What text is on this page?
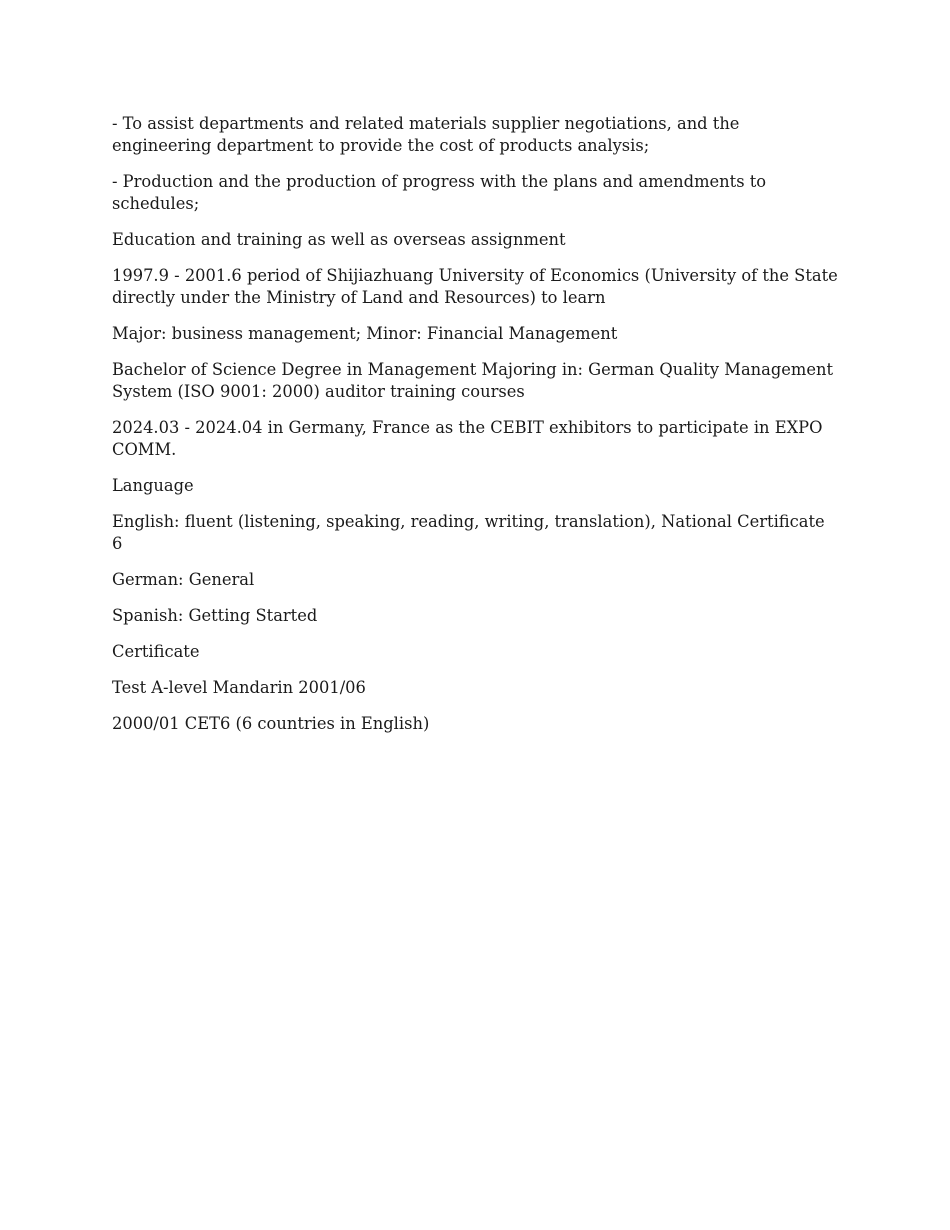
- To assist departments and related materials supplier negotiations, and the engineering department to provide the cost of products analysis;

- Production and the production of progress with the plans and amendments to schedules;

Education and training as well as overseas assignment

1997.9 - 2001.6 period of Shijiazhuang University of Economics (University of the State directly under the Ministry of Land and Resources) to learn

Major: business management; Minor: Financial Management

Bachelor of Science Degree in Management Majoring in: German Quality Management System (ISO 9001: 2000) auditor training courses

2024.03 - 2024.04 in Germany, France as the CEBIT exhibitors to participate in EXPO COMM.

Language

English: fluent (listening, speaking, reading, writing, translation), National Certificate 6

German: General

Spanish: Getting Started

Certificate

Test A-level Mandarin 2001/06

2000/01 CET6 (6 countries in English)
